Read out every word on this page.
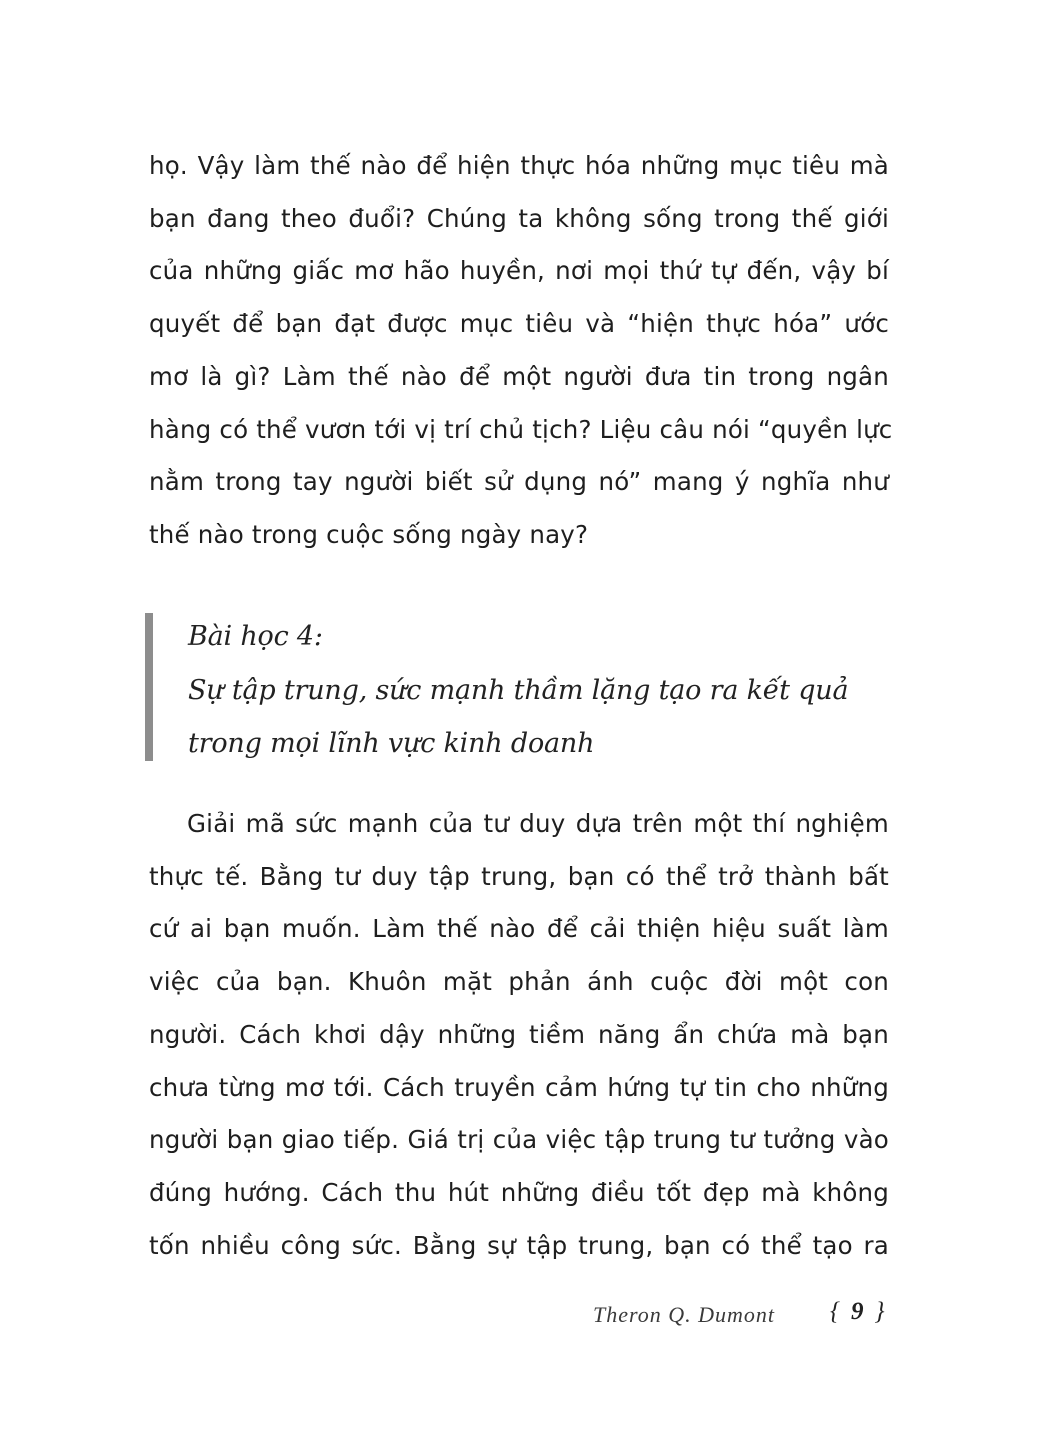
họ. Vậy làm thế nào để hiện thực hóa những mục tiêu mà
bạn đang theo đuổi? Chúng ta không sống trong thế giới
của những giấc mơ hão huyền, nơi mọi thứ tự đến, vậy bí
quyết để bạn đạt được mục tiêu và “hiện thực hóa” ước
mơ là gì? Làm thế nào để một người đưa tin trong ngân
hàng có thể vươn tới vị trí chủ tịch? Liệu câu nói “quyền lực
nằm trong tay người biết sử dụng nó” mang ý nghĩa như
thế nào trong cuộc sống ngày nay?

Bài học 4:
Sự tập trung, sức mạnh thầm lặng tạo ra kết quả
trong mọi lĩnh vực kinh doanh

Giải mã sức mạnh của tư duy dựa trên một thí nghiệm
thực tế. Bằng tư duy tập trung, bạn có thể trở thành bất
cứ ai bạn muốn. Làm thế nào để cải thiện hiệu suất làm
việc của bạn. Khuôn mặt phản ánh cuộc đời một con
người. Cách khơi dậy những tiềm năng ẩn chứa mà bạn
chưa từng mơ tới. Cách truyền cảm hứng tự tin cho những
người bạn giao tiếp. Giá trị của việc tập trung tư tưởng vào
đúng hướng. Cách thu hút những điều tốt đẹp mà không
tốn nhiều công sức. Bằng sự tập trung, bạn có thể tạo ra

Theron Q. Dumont { 9 }
